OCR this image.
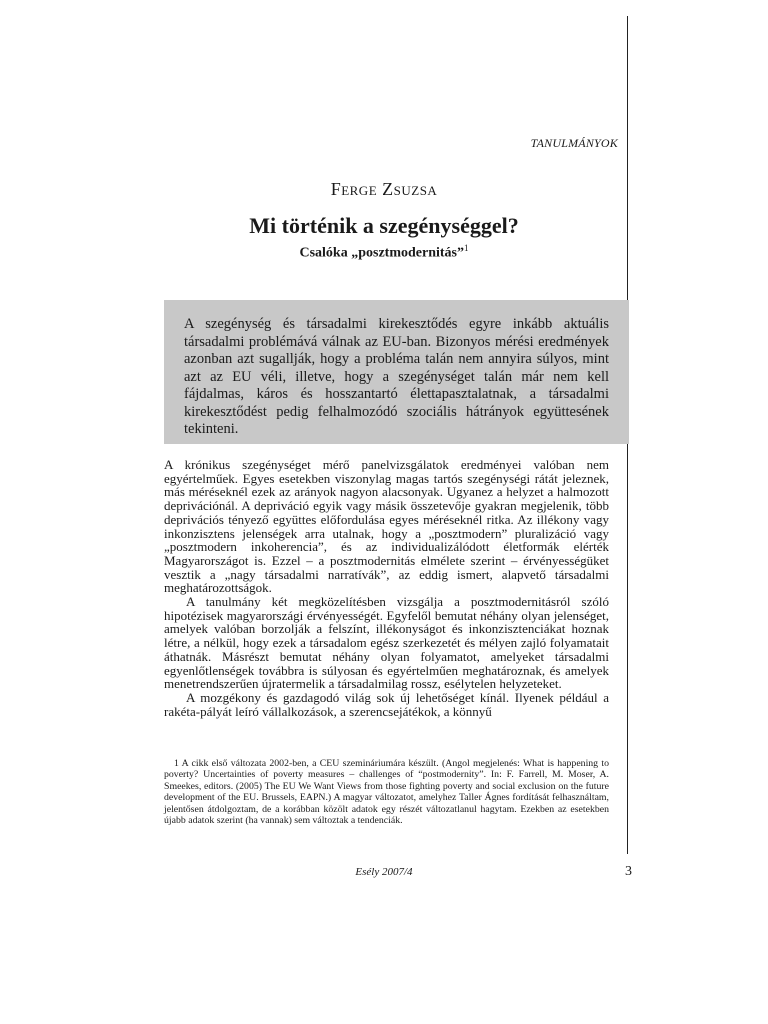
TANULMÁNYOK
Ferge Zsuzsa
Mi történik a szegénységgel?
Csalóka „posztmodernitás”$^1$
A szegénység és társadalmi kirekesztődés egyre inkább aktuális társadalmi problémává válnak az EU-ban. Bizonyos mérési eredmények azonban azt sugallják, hogy a probléma talán nem annyira súlyos, mint azt az EU véli, illetve, hogy a szegénységet talán már nem kell fájdalmas, káros és hosszantartó élettapasztalatnak, a társadalmi kirekesztődést pedig felhalmozódó szociális hátrányok együttesének tekinteni.

A krónikus szegénységet mérő panelvizsgálatok eredményei valóban nem egyértelműek. Egyes esetekben viszonylag magas tartós szegénységi rátát jeleznek, más méréseknél ezek az arányok nagyon alacsonyak. Ugyanez a helyzet a halmozott deprivációnál. A depriváció egyik vagy másik összetevője gyakran megjelenik, több deprivációs tényező együttes előfordulása egyes méréseknél ritka. Az illékony vagy inkonzisztens jelenségek arra utalnak, hogy a „posztmodern” pluralizáció vagy „posztmodern inkoherencia”, és az individualizálódott életformák elérték Magyarországot is. Ezzel – a posztmodernitás elmélete szerint – érvényességüket vesztik a „nagy társadalmi narratívák”, az eddig ismert, alapvető társadalmi meghatározottságok.

A tanulmány két megközelítésben vizsgálja a posztmodernitásról szóló hipotézisek magyarországi érvényességét. Egyfelől bemutat néhány olyan jelenséget, amelyek valóban borzolják a felszínt, illékonyságot és inkonzisztenciákat hoznak létre, a nélkül, hogy ezek a társadalom egész szerkezetét és mélyen zajló folyamatait áthatnák. Másrészt bemutat néhány olyan folyamatot, amelyeket társadalmi egyenlőtlenségek továbbra is súlyosan és egyértelműen meghatároznak, és amelyek menetrendszerűen újratermelik a társadalmilag rossz, esélytelen helyzeteket.

A mozgékony és gazdagodó világ sok új lehetőséget kínál. Ilyenek például a rakéta-pályát leíró vállalkozások, a szerencsejátékok, a könnyű

1 A cikk első változata 2002-ben, a CEU szemináriumára készült. (Angol megjelenés: What is happening to poverty? Uncertainties of poverty measures – challenges of “postmodernity”. In: F. Farrell, M. Moser, A. Smeekes, editors. (2005) The EU We Want Views from those fighting poverty and social exclusion on the future development of the EU. Brussels, EAPN.) A magyar változatot, amelyhez Taller Ágnes fordítását felhasználtam, jelentősen átdolgoztam, de a korábban közölt adatok egy részét változatlanul hagytam. Ezekben az esetekben újabb adatok szerint (ha vannak) sem változtak a tendenciák.
Esély 2007/4	3
